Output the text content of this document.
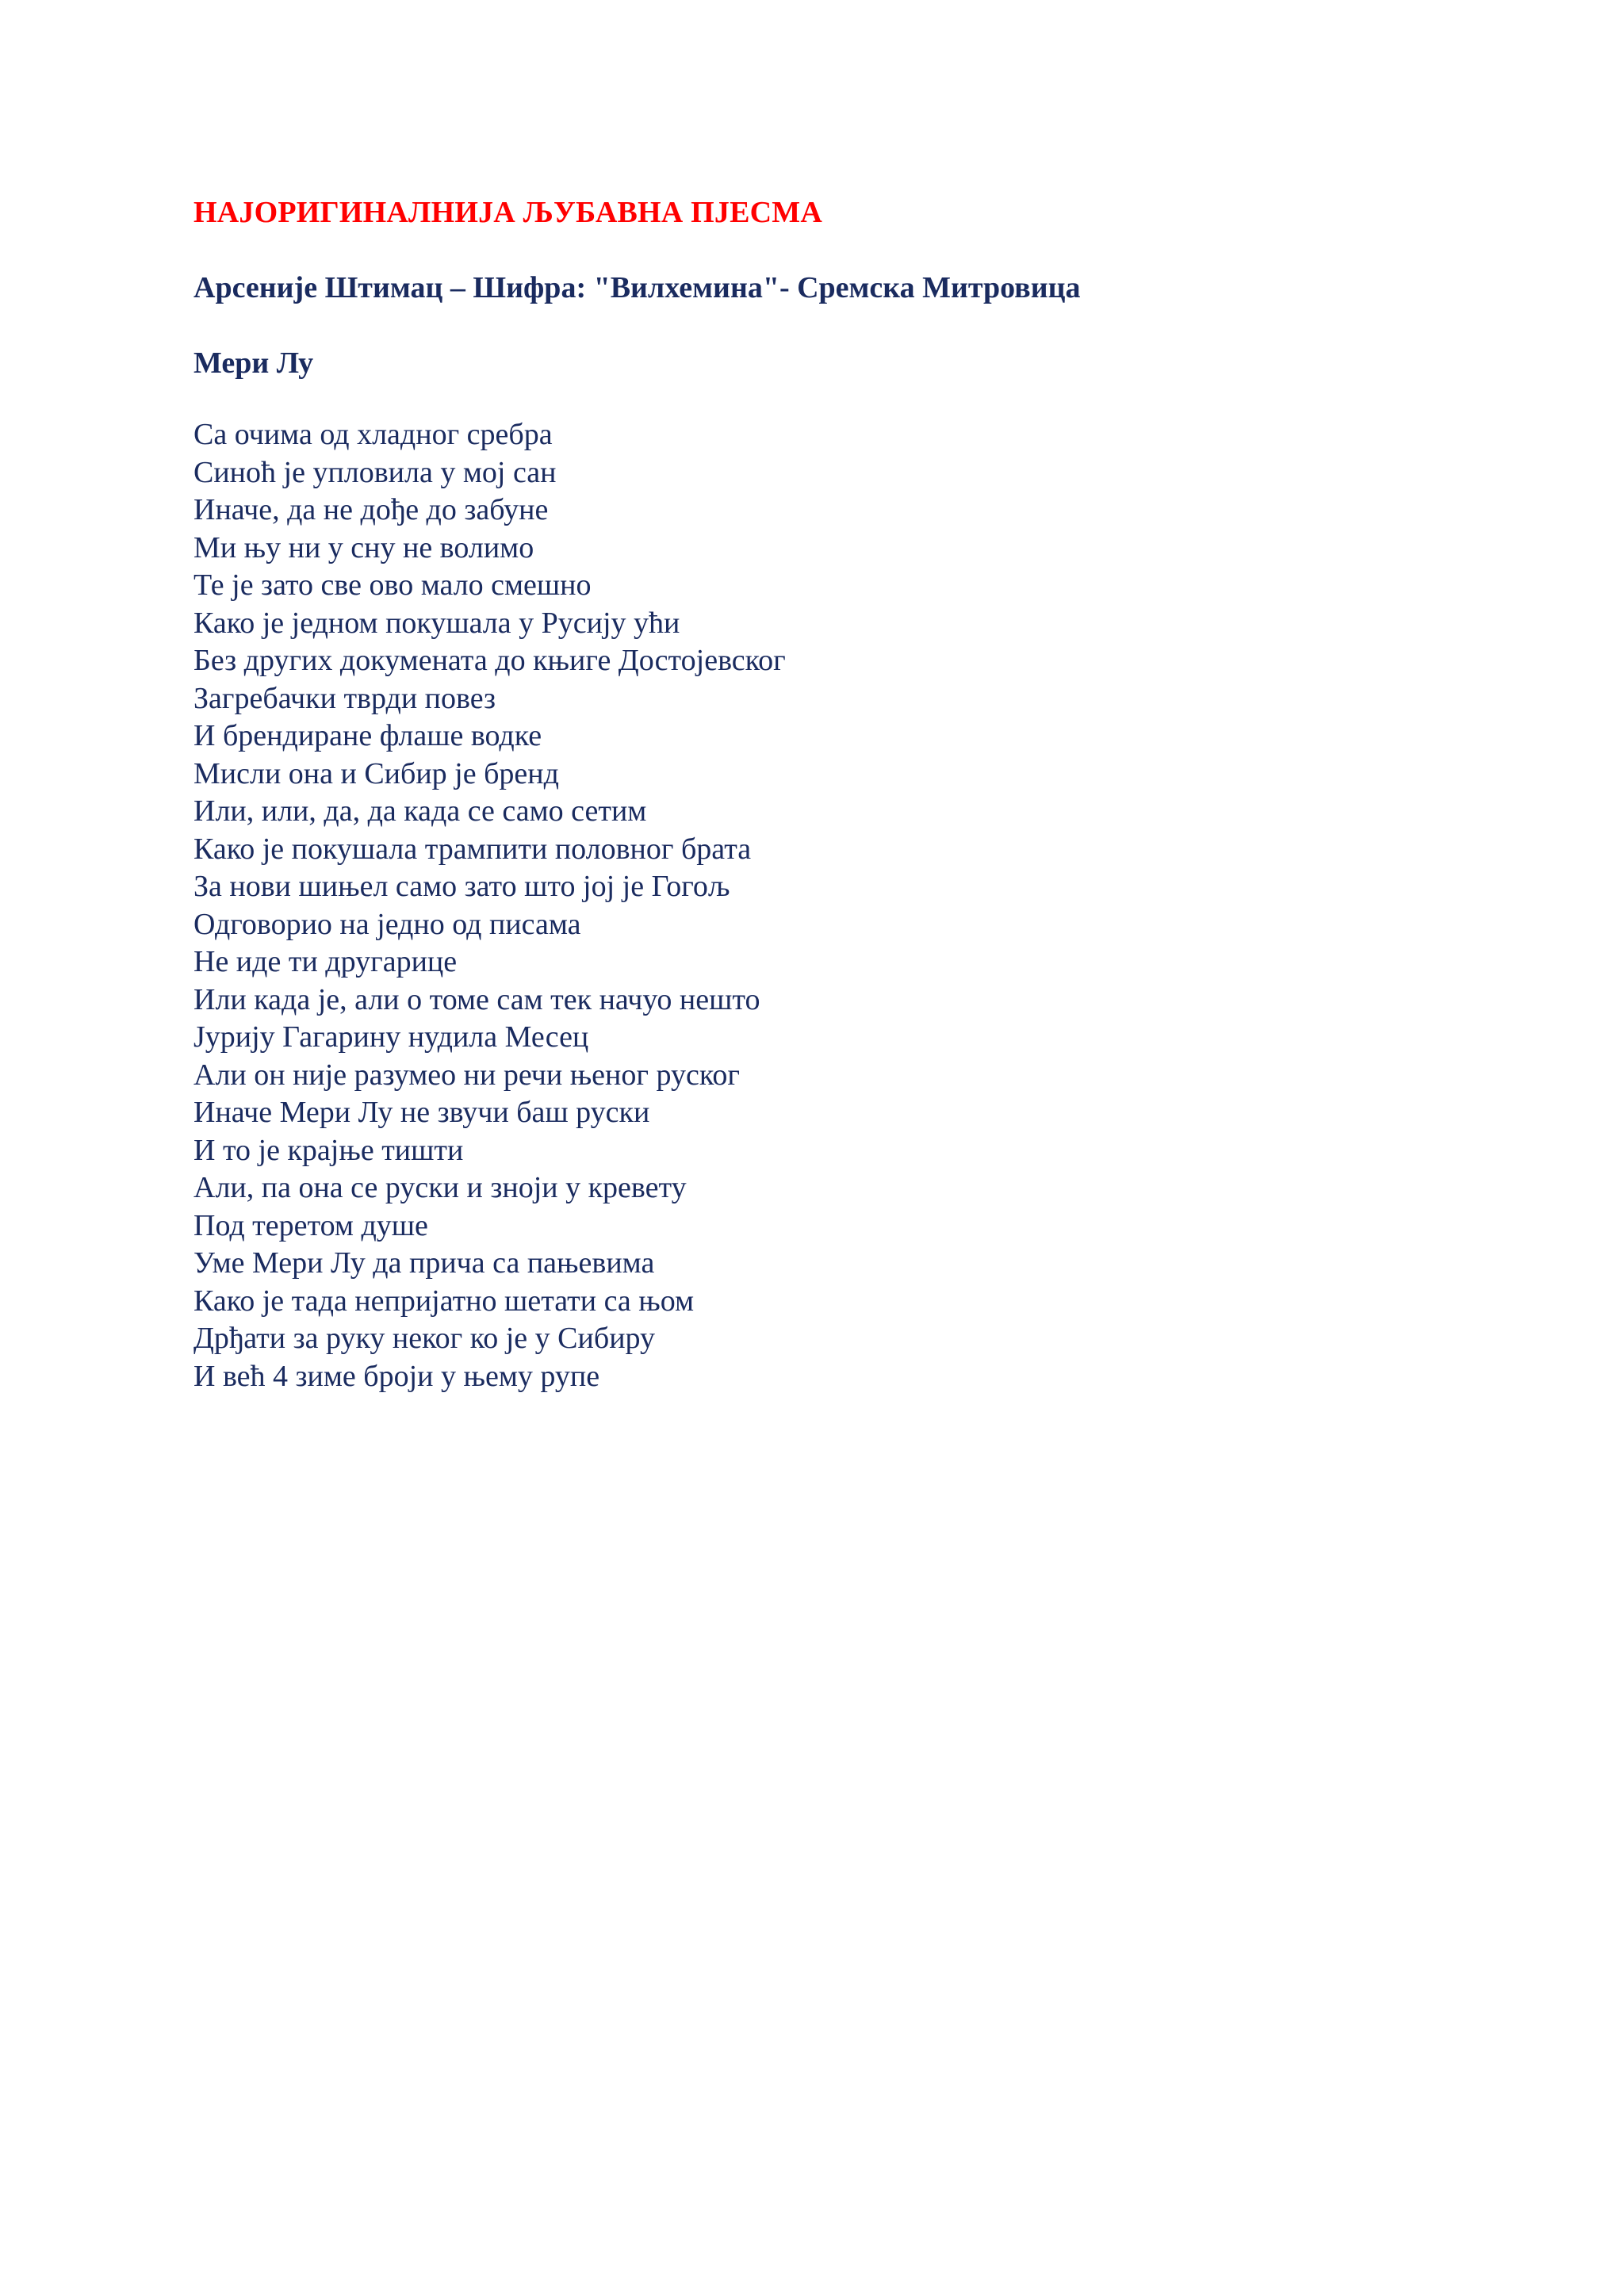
НАЈОРИГИНАЛНИЈА ЉУБАВНА ПЈЕСМА
Арсеније Штимац – Шифра: "Вилхемина"- Сремска Митровица
Мери Лу
Са очима од хладног сребра
Синоћ је упловила у мој сан
Иначе, да не дође до забуне
Ми њу ни у сну не волимо
Те је зато све ово мало смешно
Како је једном покушала у Русију ући
Без других докумената до књиге Достојевског
Загребачки тврди повез
И брендиране флаше водке
Мисли она и Сибир је бренд
Или, или, да, да када се само сетим
Како је покушала трампити половног брата
За нови шињел само зато што јој је Гогољ
Одговорио на једно од писама
Не иде ти другарице
Или када је, али о томе сам тек начуо нешто
Јурију Гагарину нудила Месец
Али он није разумео ни речи њеног руског
Иначе Мери Лу не звучи баш руски
И то је крајње тишти
Али, па она се руски и зноји у кревету
Под теретом душе
Уме Мери Лу да прича са пањевима
Како је тада непријатно шетати са њом
Дрђати за руку неког ко је у Сибиру
И већ 4 зиме броји у њему рупе
